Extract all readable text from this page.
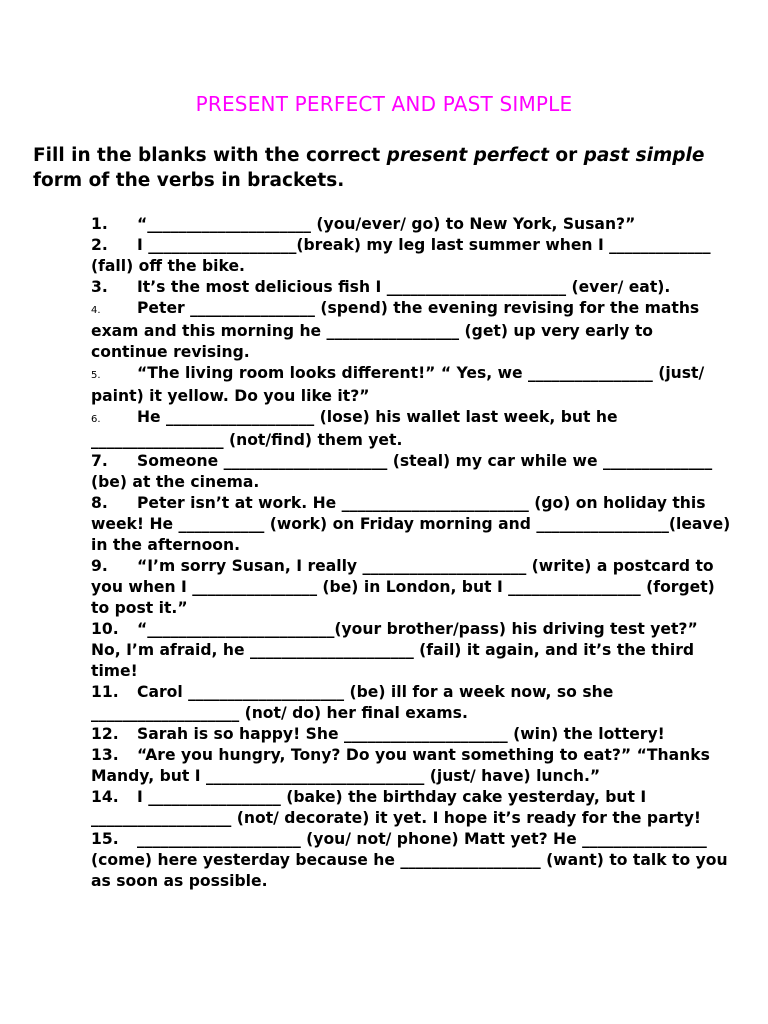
PRESENT PERFECT AND PAST SIMPLE

Fill in the blanks with the correct present perfect or past simple form of the verbs in brackets.

1. “_____________________ (you/ever/ go) to New York, Susan?”
2. I ___________________(break) my leg last summer when I _____________ (fall) off the bike.
3. It’s the most delicious fish I _______________________ (ever/ eat).
4. Peter ________________ (spend) the evening revising for the maths exam and this morning he _________________ (get) up very early to continue revising.
5. “The living room looks different!” “ Yes, we ________________ (just/ paint) it yellow. Do you like it?”
6. He ___________________ (lose) his wallet last week, but he _________________ (not/find) them yet.
7. Someone _____________________ (steal) my car while we ______________ (be) at the cinema.
8. Peter isn’t at work. He ________________________ (go) on holiday this week! He ___________ (work) on Friday morning and _________________(leave) in the afternoon.
9. “I’m sorry Susan, I really _____________________ (write) a postcard to you when I ________________ (be) in London, but I _________________ (forget) to post it.”
10. “________________________(your brother/pass) his driving test yet?” No, I’m afraid, he _____________________ (fail) it again, and it’s the third time!
11. Carol ____________________ (be) ill for a week now, so she ___________________ (not/ do) her final exams.
12. Sarah is so happy! She _____________________ (win) the lottery!
13. “Are you hungry, Tony? Do you want something to eat?” “Thanks Mandy, but I ____________________________ (just/ have) lunch.”
14. I _________________ (bake) the birthday cake yesterday, but I __________________ (not/ decorate) it yet. I hope it’s ready for the party!
15. _____________________ (you/ not/ phone) Matt yet? He ________________ (come) here yesterday because he __________________ (want) to talk to you as soon as possible.
